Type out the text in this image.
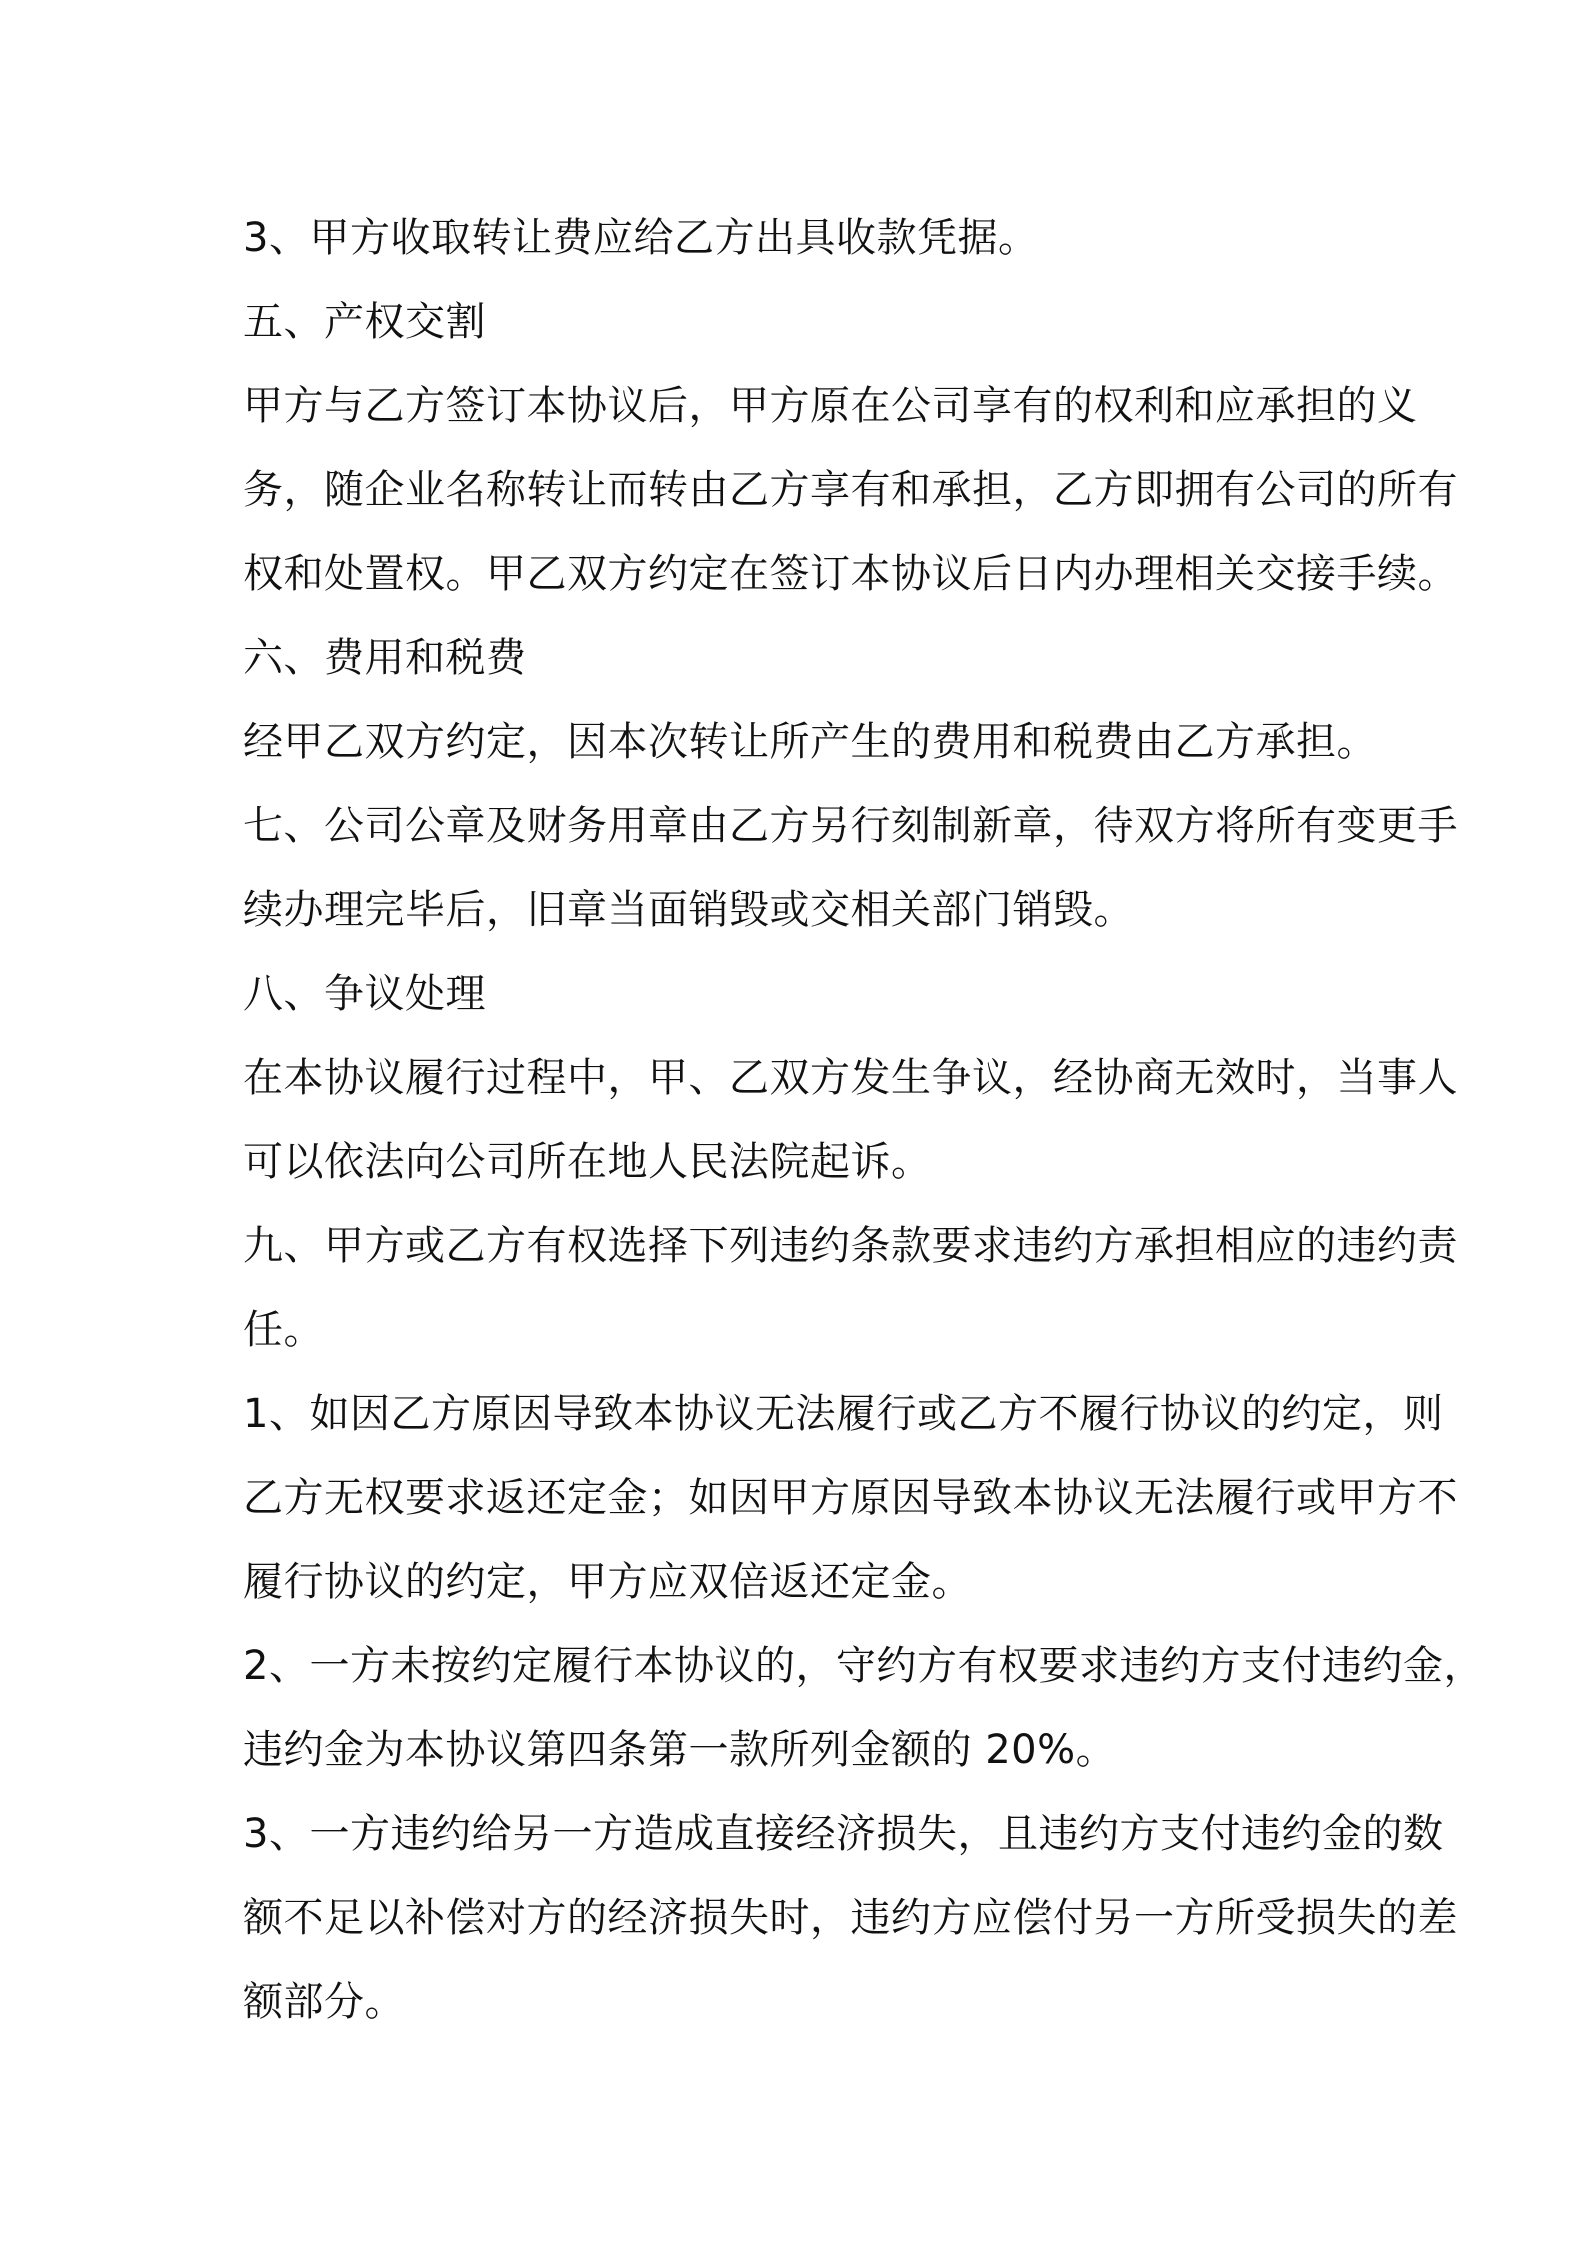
3、甲方收取转让费应给乙方出具收款凭据。
五、产权交割
甲方与乙方签订本协议后，甲方原在公司享有的权利和应承担的义
务，随企业名称转让而转由乙方享有和承担，乙方即拥有公司的所有
权和处置权。甲乙双方约定在签订本协议后日内办理相关交接手续。
六、费用和税费
经甲乙双方约定，因本次转让所产生的费用和税费由乙方承担。
七、公司公章及财务用章由乙方另行刻制新章，待双方将所有变更手
续办理完毕后，旧章当面销毁或交相关部门销毁。
八、争议处理
在本协议履行过程中，甲、乙双方发生争议，经协商无效时，当事人
可以依法向公司所在地人民法院起诉。
九、甲方或乙方有权选择下列违约条款要求违约方承担相应的违约责
任。
1、如因乙方原因导致本协议无法履行或乙方不履行协议的约定，则
乙方无权要求返还定金；如因甲方原因导致本协议无法履行或甲方不
履行协议的约定，甲方应双倍返还定金。
2、一方未按约定履行本协议的，守约方有权要求违约方支付违约金，
违约金为本协议第四条第一款所列金额的 20%。
3、一方违约给另一方造成直接经济损失，且违约方支付违约金的数
额不足以补偿对方的经济损失时，违约方应偿付另一方所受损失的差
额部分。
